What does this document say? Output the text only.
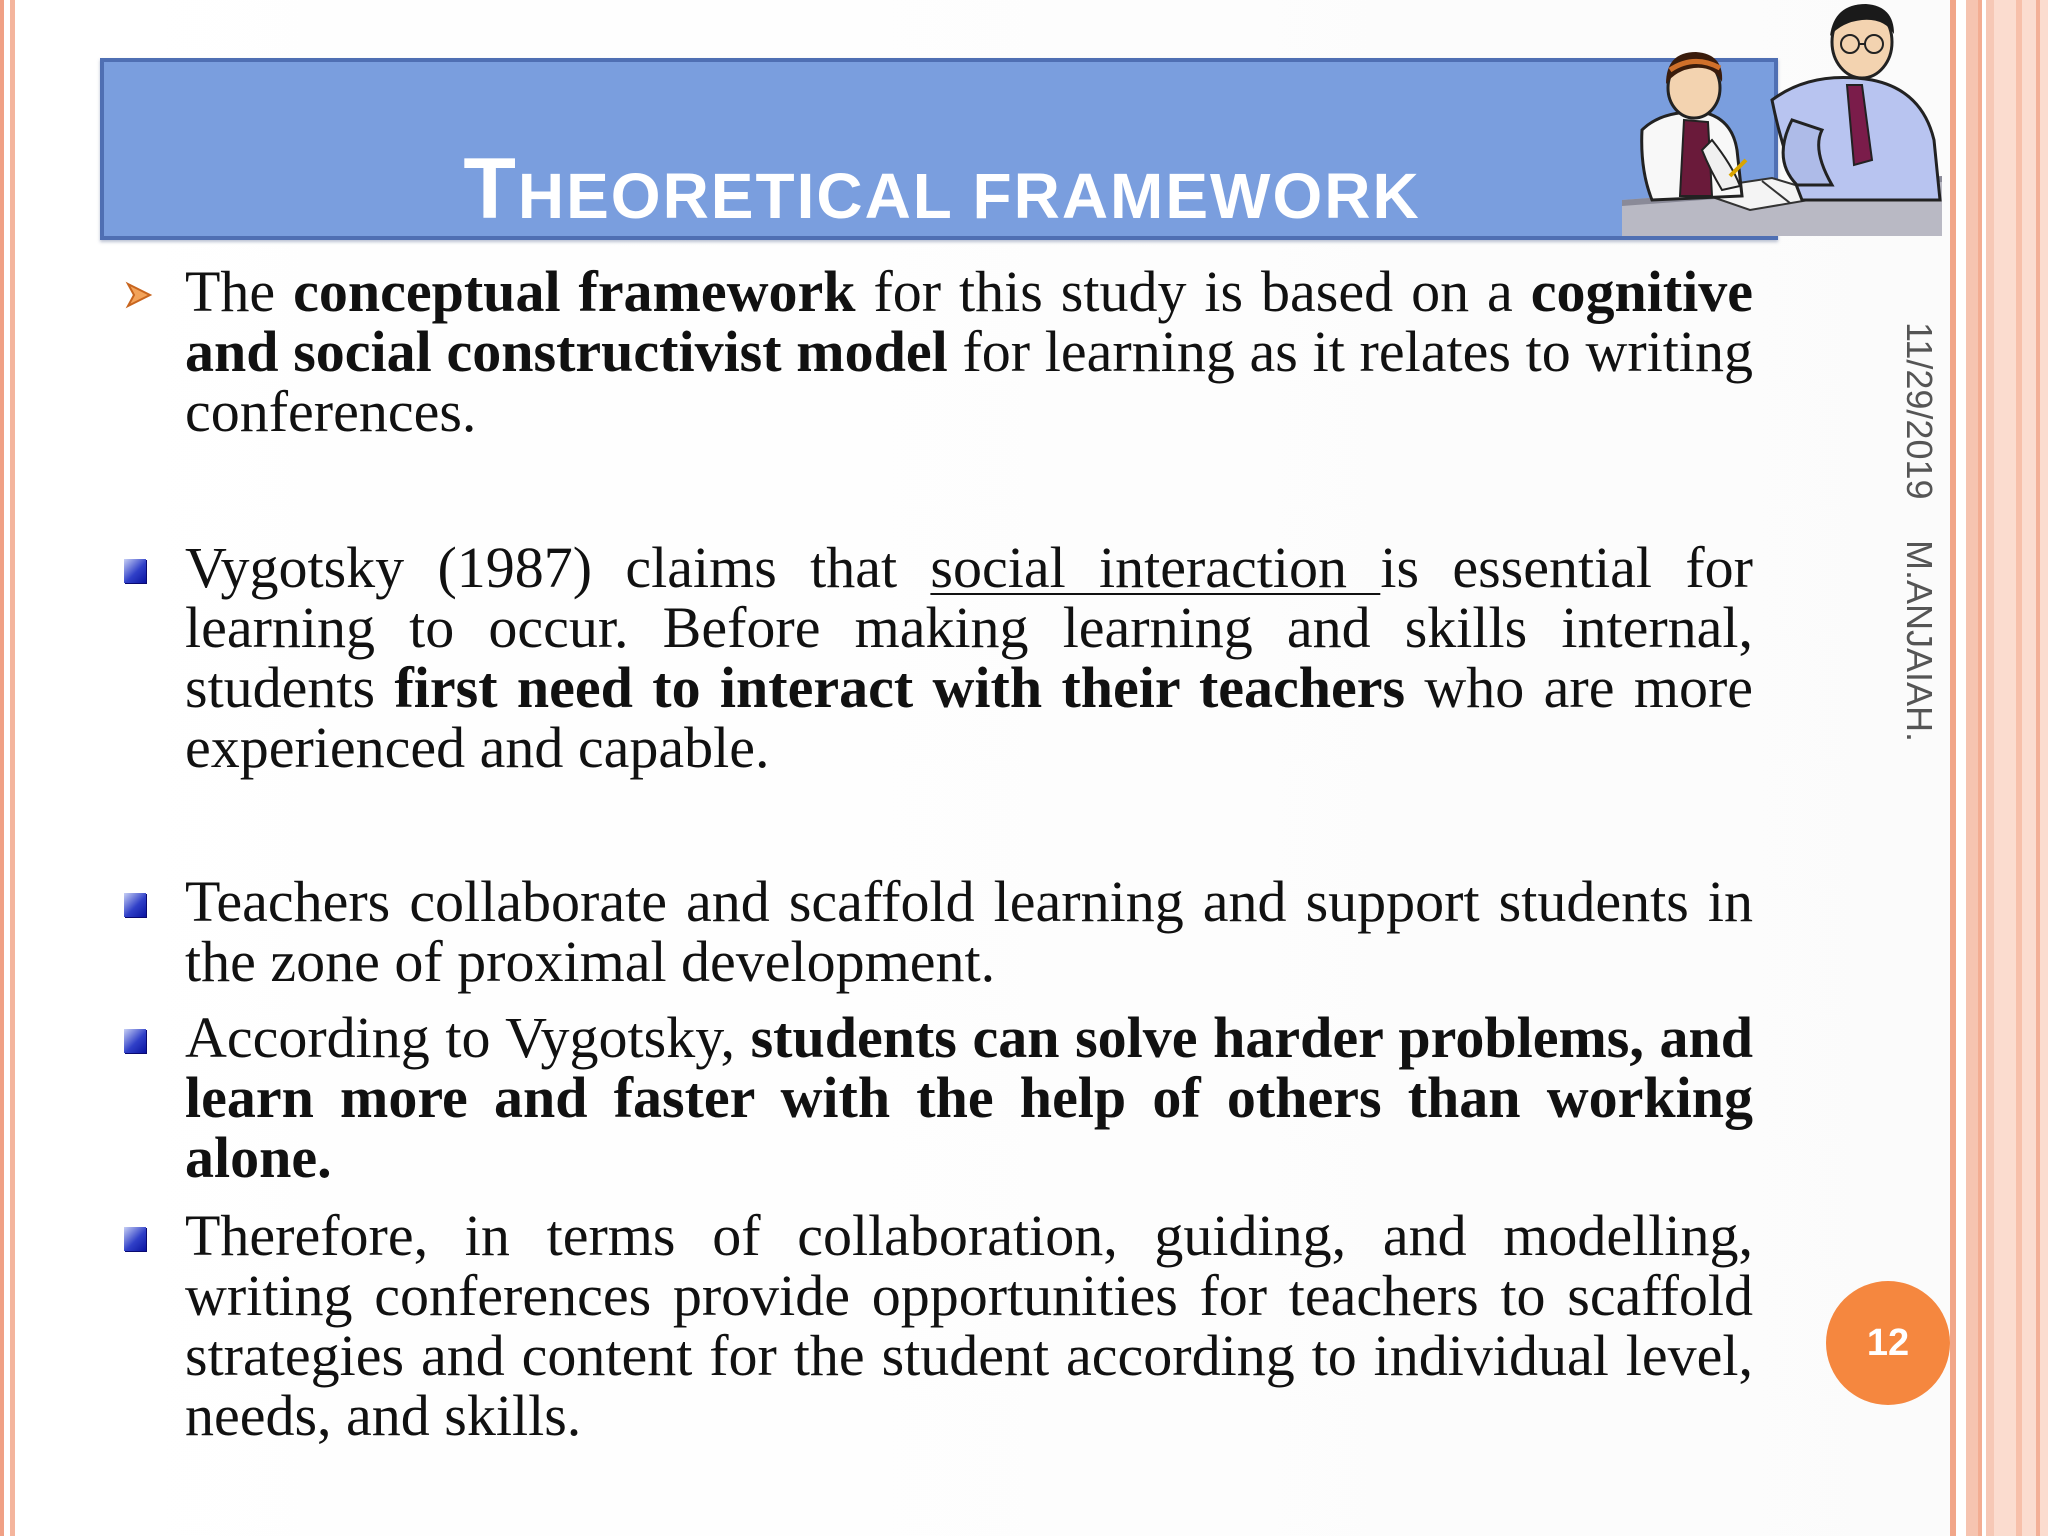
THEORETICAL FRAMEWORK
11/29/2019
M.ANJAIAH.
The conceptual framework for this study is based on a cognitive and social constructivist model for learning as it relates to writing conferences.
Vygotsky (1987) claims that social interaction is essential for learning to occur. Before making learning and skills internal, students first need to interact with their teachers who are more experienced and capable.
Teachers collaborate and scaffold learning and support students in the zone of proximal development.
According to Vygotsky, students can solve harder problems, and learn more and faster with the help of others than working alone.
Therefore, in terms of collaboration, guiding, and modelling, writing conferences provide opportunities for teachers to scaffold strategies and content for the student according to individual level, needs, and skills.
12
